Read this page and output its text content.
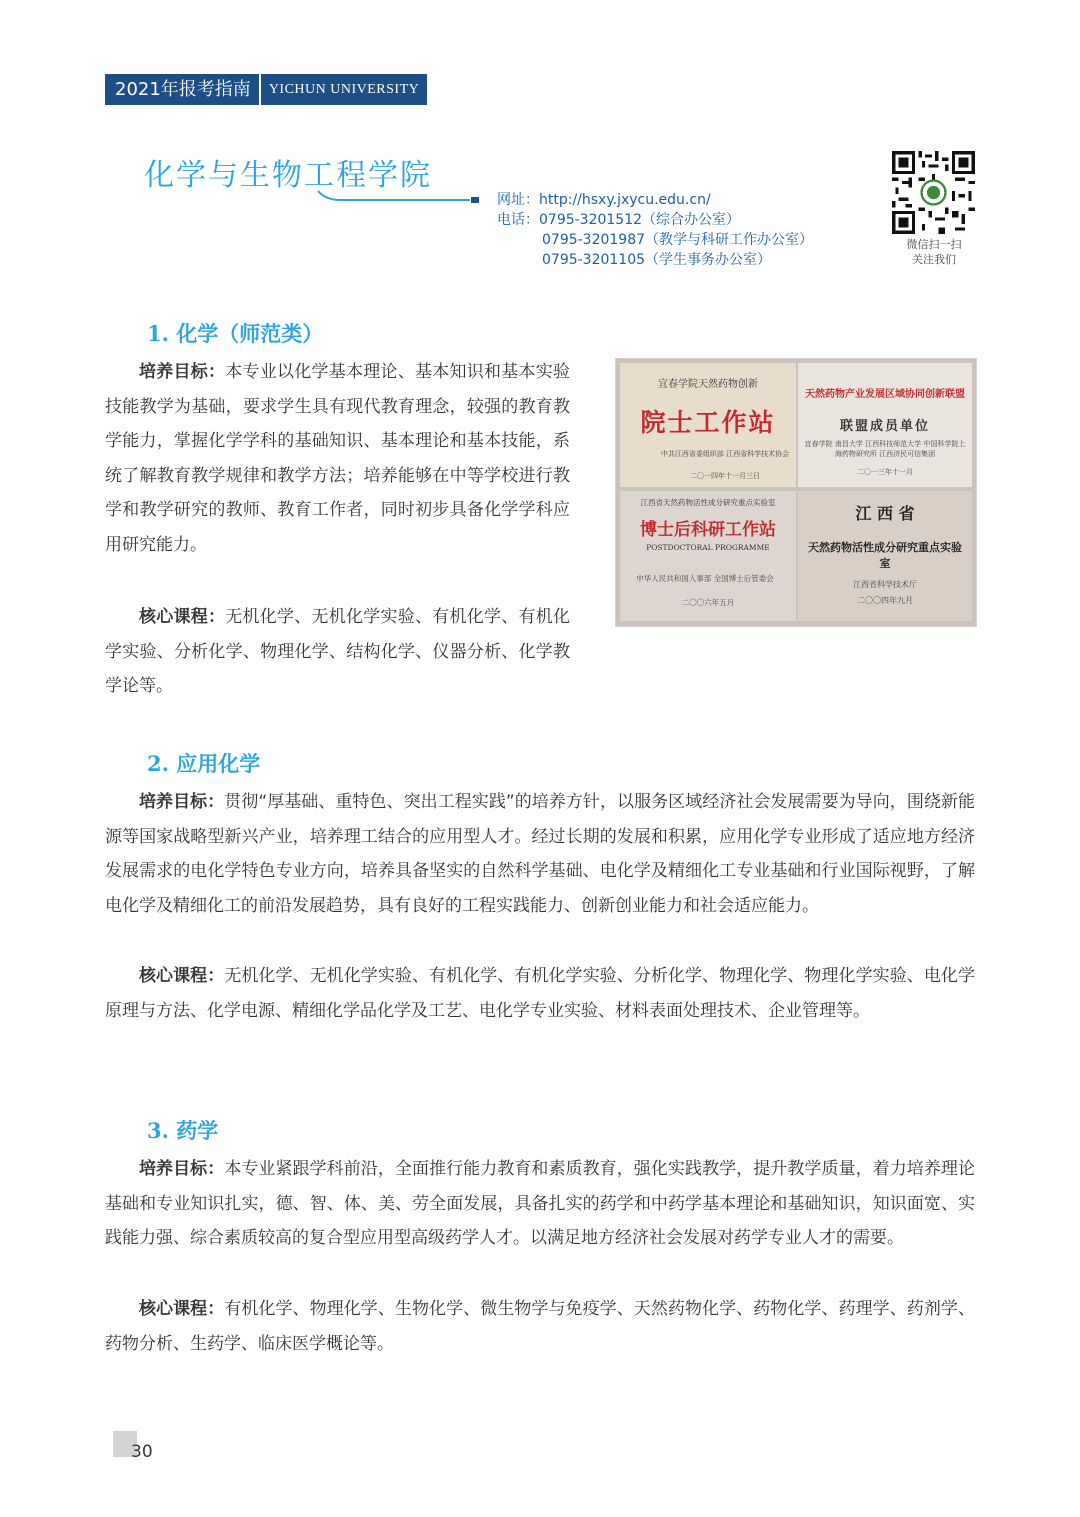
2021年报考指南	YICHUN UNIVERSITY
化学与生物工程学院
网址：http://hsxy.jxycu.edu.cn/
电话：0795-3201512（综合办公室）
0795-3201987（教学与科研工作办公室）
0795-3201105（学生事务办公室）
微信扫一扫
关注我们
1. 化学（师范类）
培养目标：本专业以化学基本理论、基本知识和基本实验技能教学为基础，要求学生具有现代教育理念，较强的教育教学能力，掌握化学学科的基础知识、基本理论和基本技能，系统了解教育教学规律和教学方法；培养能够在中等学校进行教学和教学研究的教师、教育工作者，同时初步具备化学学科应用研究能力。
核心课程：无机化学、无机化学实验、有机化学、有机化学实验、分析化学、物理化学、结构化学、仪器分析、化学教学论等。
宜春学院天然药物创新
院士工作站
中共江西省委组织部 江西省科学技术协会
二〇一四年十一月三日
天然药物产业发展区域协同创新联盟
联盟成员单位
宜春学院 南昌大学 江西科技师范大学 中国科学院上海药物研究所 江西济民可信集团
二〇一三年十一月
江西省天然药物活性成分研究重点实验室
博士后科研工作站
POSTDOCTORAL PROGRAMME
中华人民共和国人事部 全国博士后管委会
二〇〇六年五月
江 西 省
天然药物活性成分研究重点实验室
江西省科学技术厅
二〇〇四年九月
2. 应用化学
培养目标：贯彻“厚基础、重特色、突出工程实践”的培养方针，以服务区域经济社会发展需要为导向，围绕新能源等国家战略型新兴产业，培养理工结合的应用型人才。经过长期的发展和积累，应用化学专业形成了适应地方经济发展需求的电化学特色专业方向，培养具备坚实的自然科学基础、电化学及精细化工专业基础和行业国际视野，了解电化学及精细化工的前沿发展趋势，具有良好的工程实践能力、创新创业能力和社会适应能力。
核心课程：无机化学、无机化学实验、有机化学、有机化学实验、分析化学、物理化学、物理化学实验、电化学原理与方法、化学电源、精细化学品化学及工艺、电化学专业实验、材料表面处理技术、企业管理等。
3. 药学
培养目标：本专业紧跟学科前沿，全面推行能力教育和素质教育，强化实践教学，提升教学质量，着力培养理论基础和专业知识扎实，德、智、体、美、劳全面发展，具备扎实的药学和中药学基本理论和基础知识，知识面宽、实践能力强、综合素质较高的复合型应用型高级药学人才。以满足地方经济社会发展对药学专业人才的需要。
核心课程：有机化学、物理化学、生物化学、微生物学与免疫学、天然药物化学、药物化学、药理学、药剂学、药物分析、生药学、临床医学概论等。
30
